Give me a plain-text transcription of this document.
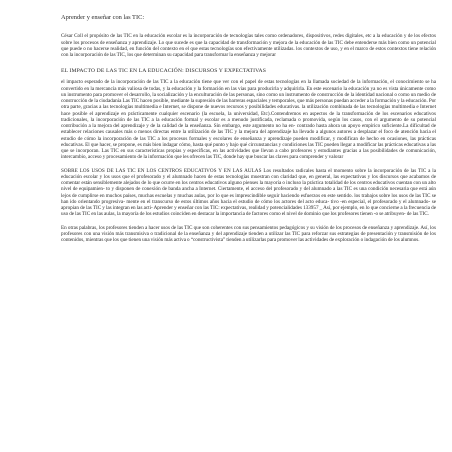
Aprender y enseñar con las TIC:

César Coll el propósito de las TIC en la educación escolar es la incorporación de tecnologías tales como ordenadores, dispositivos, redes digitales, etc a la educación y de los efectos sobre los procesos de enseñanza y aprendizaje. Lo que sucede es que la capacidad de transformación y mejora de la educación de las TIC debe entenderse más bien como un potencial que puede o no hacerse realidad, en función del contexto en el que estas tecnologías son efectivamente utilizadas. los contextos de uso, y en el marco de estos contextos tiene relación con la incorporación de las TIC, los que determinan su capacidad para transformar la enseñanza y mejorar

EL IMPACTO DE LAS TIC EN LA EDUCACIÓN: DISCURSOS Y EXPECTATIVAS

el impacto esperado de la incorporación de las TIC a la educación tiene que ver con el papel de estas tecnologías en la llamada sociedad de la información, el conocimiento se ha convertido en la mercancía más valiosa de todas, y la educación y la formación en las vías para producirla y adquirirla. En este escenario la educación ya no es vista únicamente como un instrumento para promover el desarrollo, la socialización y la enculturación de las personas, sino como un instrumento de construcción de la identidad nacional o como un medio de construcción de la ciudadanía Las TIC hacen posible, mediante la supresión de las barreras espaciales y temporales, que más personas puedan acceder a la formación y la educación. Por otra parte, gracias a las tecnologías multimedia e Internet, se dispone de nuevos recursos y posibilidades educativas. la utilización combinada de las tecnologías multimedia e Internet hace posible el aprendizaje en prácticamente cualquier escenario (la escuela, la universidad, Etc).Contendremos en aspectos de la transformación de los escenarios educativos tradicionales, la incorporación de las TIC a la educación formal y escolar es a menudo justificada, reclamada o promovida, según los casos, con el argumento de su potencial contribución a la mejora del aprendizaje y de la calidad de la enseñanza. Sin embargo, este argumento no ha en- contrado hasta ahora un apoyo empírico suficiente.La dificultad de establecer relaciones causales más o menos directas entre la utilización de las TIC y la mejora del aprendizaje ha llevado a algunos autores a desplazar el foco de atención hacia el estudio de cómo la incorporación de las TIC a los procesos formales y escolares de enseñanza y aprendizaje pueden modificar, y modifican de hecho en ocasiones, las prácticas educativas. El que hacer, se propone, es más bien indagar cómo, hasta qué punto y bajo qué circunstancias y condiciones las TIC pueden llegar a modificar las prácticas educativas a las que se incorporan. Las TIC en sus características propias y específicas, en las actividades que llevan a cabo profesores y estudiantes gracias a las posibilidades de comunicación, intercambio, acceso y procesamiento de la información que les ofrecen las TIC, donde hay que buscar las claves para comprender y valorar

SOBRE LOS USOS DE LAS TIC EN LOS CENTROS EDUCATIVOS Y EN LAS AULAS Los resultados radicales hasta el momento sobre la incorporación de las TIC a la educación escolar y los usos que el profesorado y el alumnado hacen de estas tecnologías muestran con claridad que, en general, las expectativas y los discursos que acabamos de comentar están sensiblemente alejados de lo que ocurre en los centros educativos alguno pienses la mayoría o incluso la práctica totalidad de los centros educativos cuentan con un alto nivel de equipamien- to y disponen de conexión de banda ancha a Internet. Ciertamente, el acceso del profesorado y del alumnado a las TIC es una condición necesaria que está aún lejos de cumplirse en muchos países, muchas escuelas y muchas aulas, por lo que es imprescindible seguir haciendo esfuerzos en este sentido. los trabajos sobre los usos de las TIC se han ido orientando progresiva- mente en el transcurso de estos últimos años hacia el estudio de cómo los actores del acto educa- tivo -en especial, el profesorado y el alumnado- se apropian de las TIC y las integran en las acti- Aprender y enseñar con las TIC: expectativas, realidad y potencialidades 133957 _ Así, por ejemplo, en lo que concierne a la frecuencia de uso de las TIC en las aulas, la mayoría de los estudios coinciden en destacar la importancia de factores como el nivel de dominio que los profesores tienen -o se atribuyen- de las TIC.

En otras palabras, los profesores tienden a hacer usos de las TIC que son coherentes con sus pensamientos pedagógicos y su visión de los procesos de enseñanza y aprendizaje. Así, los profesores con una visión más transmisiva o tradicional de la enseñanza y del aprendizaje tienden a utilizar las TIC para reforzar sus estrategias de presentación y transmisión de los contenidos, mientras que los que tienen una visión más activa o “constructivista” tienden a utilizarlas para promover las actividades de exploración o indagación de los alumnos.
